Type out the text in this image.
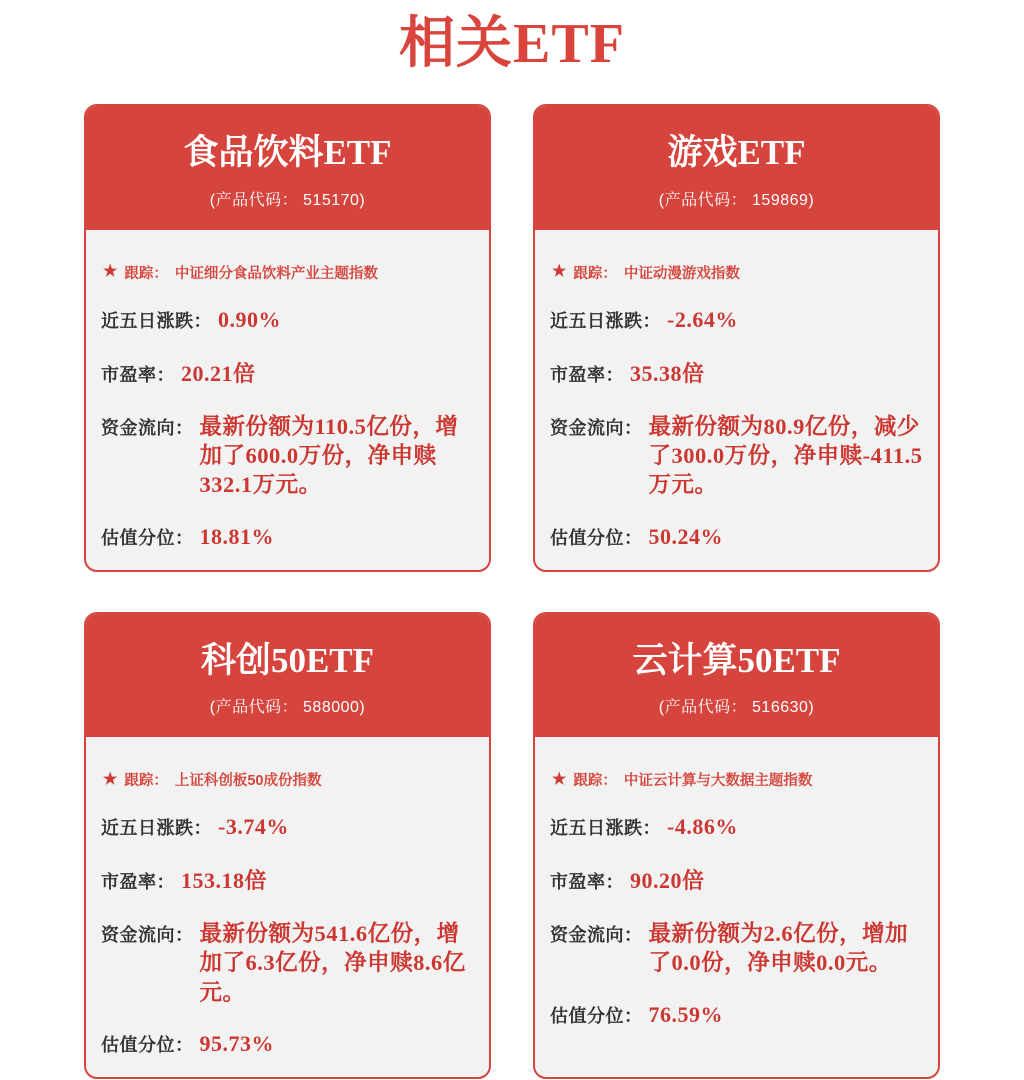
相关ETF
食品饮料ETF
(产品代码： 515170)
★ 跟踪： 中证细分食品饮料产业主题指数
近五日涨跌： 0.90%
市盈率： 20.21倍
资金流向： 最新份额为110.5亿份，增加了600.0万份，净申赎332.1万元。
估值分位： 18.81%
游戏ETF
(产品代码： 159869)
★ 跟踪： 中证动漫游戏指数
近五日涨跌： -2.64%
市盈率： 35.38倍
资金流向： 最新份额为80.9亿份，减少了300.0万份，净申赎-411.5万元。
估值分位： 50.24%
科创50ETF
(产品代码： 588000)
★ 跟踪： 上证科创板50成份指数
近五日涨跌： -3.74%
市盈率： 153.18倍
资金流向： 最新份额为541.6亿份，增加了6.3亿份，净申赎8.6亿元。
估值分位： 95.73%
云计算50ETF
(产品代码： 516630)
★ 跟踪： 中证云计算与大数据主题指数
近五日涨跌： -4.86%
市盈率： 90.20倍
资金流向： 最新份额为2.6亿份，增加了0.0份，净申赎0.0元。
估值分位： 76.59%
